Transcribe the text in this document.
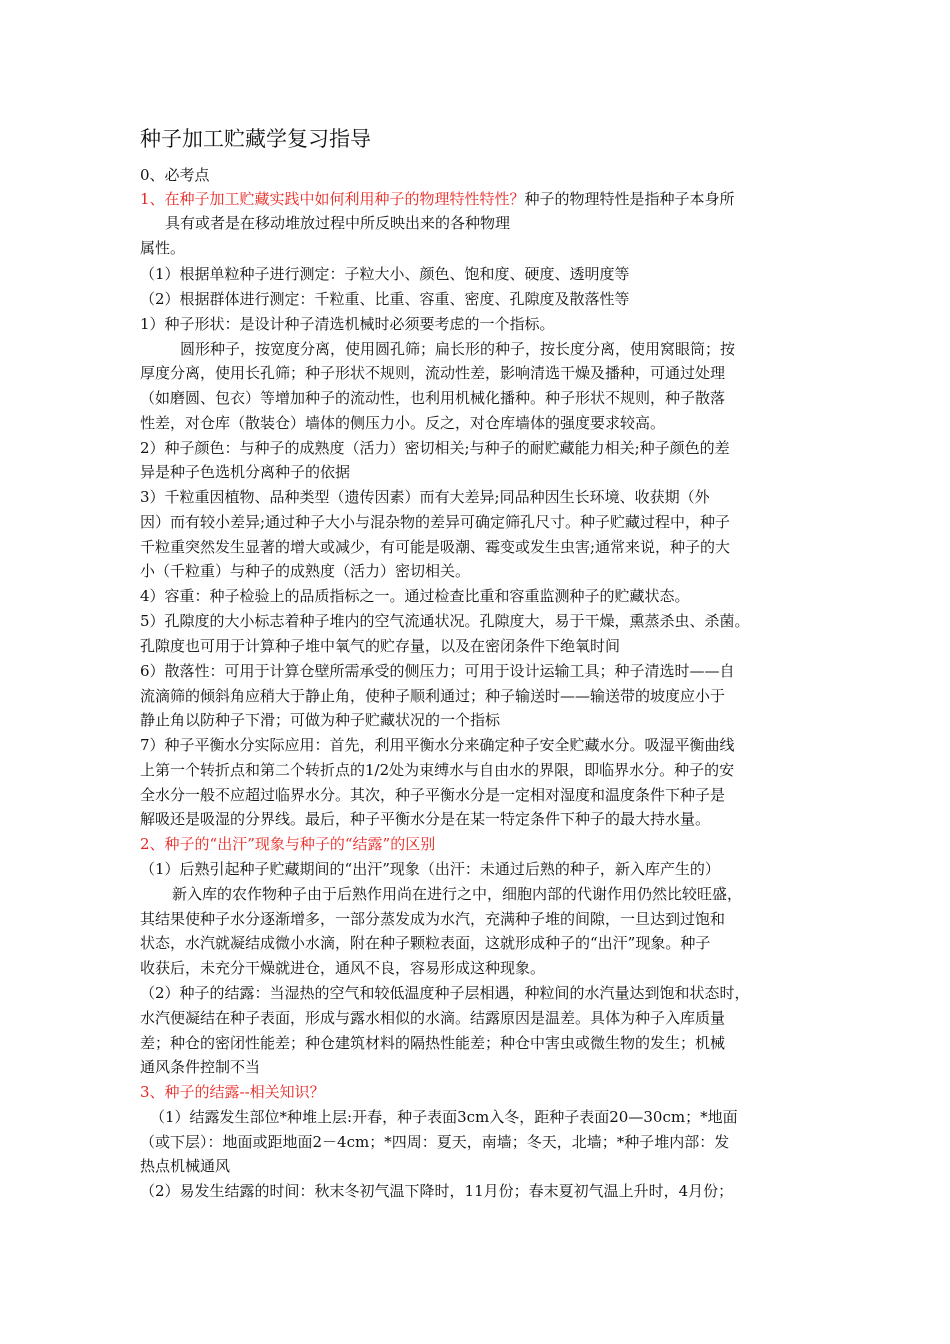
种子加工贮藏学复习指导
0、必考点
1、在种子加工贮藏实践中如何利用种子的物理特性特性？种子的物理特性是指种子本身所
具有或者是在移动堆放过程中所反映出来的各种物理
属性。
（1）根据单粒种子进行测定：子粒大小、颜色、饱和度、硬度、透明度等
（2）根据群体进行测定：千粒重、比重、容重、密度、孔隙度及散落性等
1）种子形状：是设计种子清选机械时必须要考虑的一个指标。
圆形种子，按宽度分离，使用圆孔筛；扁长形的种子，按长度分离，使用窝眼筒；按
厚度分离，使用长孔筛；种子形状不规则，流动性差，影响清选干燥及播种，可通过处理
（如磨圆、包衣）等增加种子的流动性，也利用机械化播种。种子形状不规则，种子散落
性差，对仓库（散装仓）墙体的侧压力小。反之，对仓库墙体的强度要求较高。
2）种子颜色：与种子的成熟度（活力）密切相关;与种子的耐贮藏能力相关;种子颜色的差
异是种子色选机分离种子的依据
3）千粒重因植物、品种类型（遗传因素）而有大差异;同品种因生长环境、收获期（外
因）而有较小差异;通过种子大小与混杂物的差异可确定筛孔尺寸。种子贮藏过程中，种子
千粒重突然发生显著的增大或减少，有可能是吸潮、霉变或发生虫害;通常来说，种子的大
小（千粒重）与种子的成熟度（活力）密切相关。
4）容重：种子检验上的品质指标之一。通过检查比重和容重监测种子的贮藏状态。
5）孔隙度的大小标志着种子堆内的空气流通状况。孔隙度大，易于干燥，熏蒸杀虫、杀菌。
孔隙度也可用于计算种子堆中氧气的贮存量，以及在密闭条件下绝氧时间
6）散落性：可用于计算仓壁所需承受的侧压力；可用于设计运输工具；种子清选时——自
流滴筛的倾斜角应稍大于静止角，使种子顺利通过；种子输送时——输送带的坡度应小于
静止角以防种子下滑；可做为种子贮藏状况的一个指标
7）种子平衡水分实际应用：首先，利用平衡水分来确定种子安全贮藏水分。吸湿平衡曲线
上第一个转折点和第二个转折点的1/2处为束缚水与自由水的界限，即临界水分。种子的安
全水分一般不应超过临界水分。其次，种子平衡水分是一定相对湿度和温度条件下种子是
解吸还是吸湿的分界线。最后，种子平衡水分是在某一特定条件下种子的最大持水量。
2、种子的“出汗”现象与种子的“结露”的区别
（1）后熟引起种子贮藏期间的“出汗”现象（出汗：未通过后熟的种子，新入库产生的）
新入库的农作物种子由于后熟作用尚在进行之中，细胞内部的代谢作用仍然比较旺盛，
其结果使种子水分逐渐增多，一部分蒸发成为水汽，充满种子堆的间隙，一旦达到过饱和
状态，水汽就凝结成微小水滴，附在种子颗粒表面，这就形成种子的“出汗”现象。种子
收获后，未充分干燥就进仓，通风不良，容易形成这种现象。
（2）种子的结露：当湿热的空气和较低温度种子层相遇，种粒间的水汽量达到饱和状态时，
水汽便凝结在种子表面，形成与露水相似的水滴。结露原因是温差。具体为种子入库质量
差；种仓的密闭性能差；种仓建筑材料的隔热性能差；种仓中害虫或微生物的发生；机械
通风条件控制不当
3、种子的结露--相关知识？
（1）结露发生部位*种堆上层:开春，种子表面3cm入冬，距种子表面20—30cm；*地面
（或下层）：地面或距地面2－4cm；*四周：夏天，南墙；冬天，北墙；*种子堆内部：发
热点机械通风
（2）易发生结露的时间：秋末冬初气温下降时，11月份；春末夏初气温上升时，4月份；
